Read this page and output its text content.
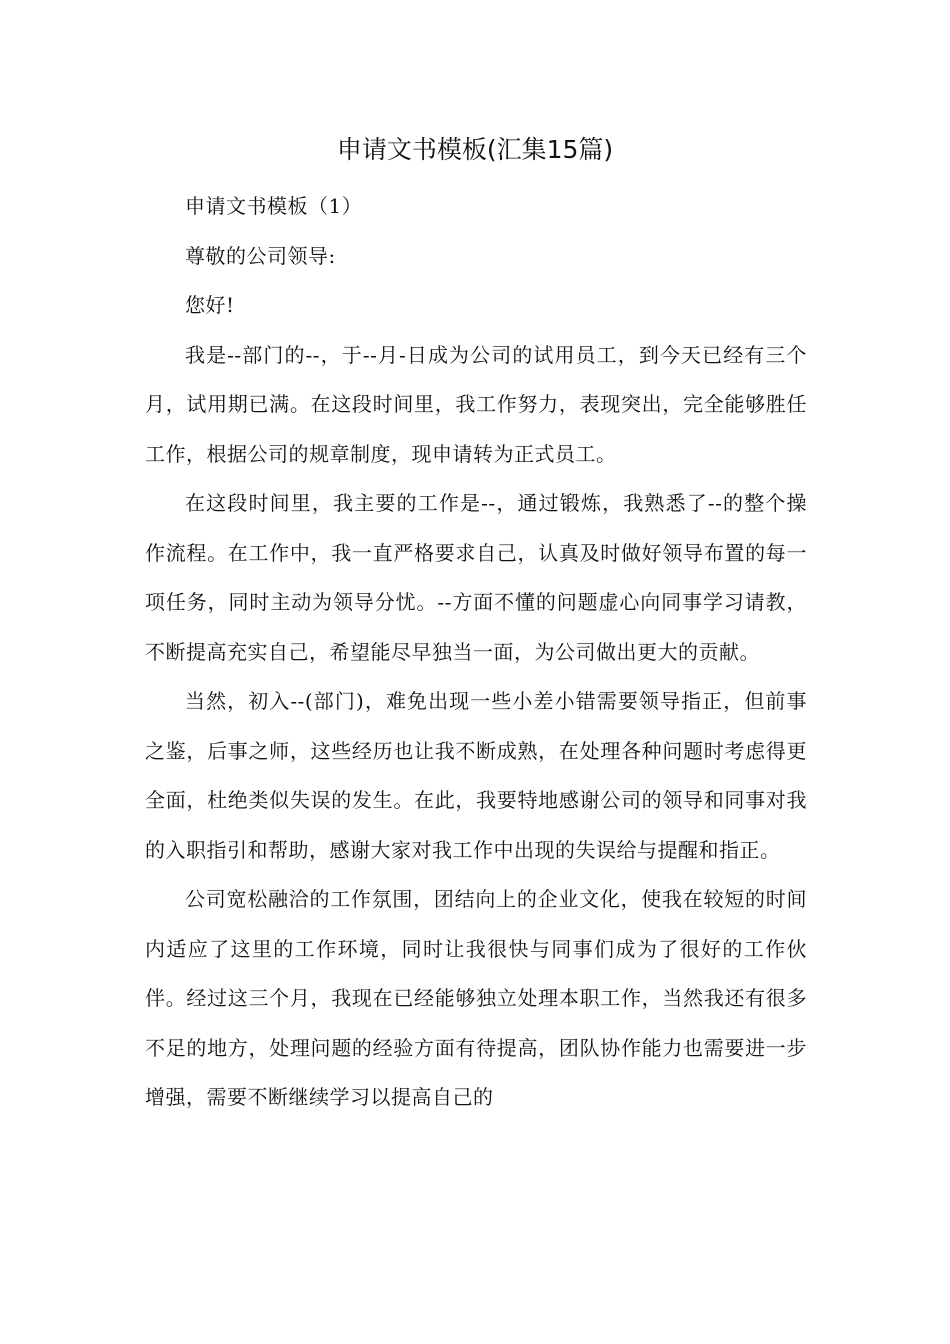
申请文书模板(汇集15篇)

申请文书模板（1）

尊敬的公司领导:

您好!

我是--部门的--，于--月-日成为公司的试用员工，到今天已经有三个月，试用期已满。在这段时间里，我工作努力，表现突出，完全能够胜任工作，根据公司的规章制度，现申请转为正式员工。

在这段时间里，我主要的工作是--，通过锻炼，我熟悉了--的整个操作流程。在工作中，我一直严格要求自己，认真及时做好领导布置的每一项任务，同时主动为领导分忧。--方面不懂的问题虚心向同事学习请教，不断提高充实自己，希望能尽早独当一面，为公司做出更大的贡献。

当然，初入--(部门)，难免出现一些小差小错需要领导指正，但前事之鉴，后事之师，这些经历也让我不断成熟，在处理各种问题时考虑得更全面，杜绝类似失误的发生。在此，我要特地感谢公司的领导和同事对我的入职指引和帮助，感谢大家对我工作中出现的失误给与提醒和指正。

公司宽松融洽的工作氛围，团结向上的企业文化，使我在较短的时间内适应了这里的工作环境，同时让我很快与同事们成为了很好的工作伙伴。经过这三个月，我现在已经能够独立处理本职工作，当然我还有很多不足的地方，处理问题的经验方面有待提高，团队协作能力也需要进一步增强，需要不断继续学习以提高自己的
